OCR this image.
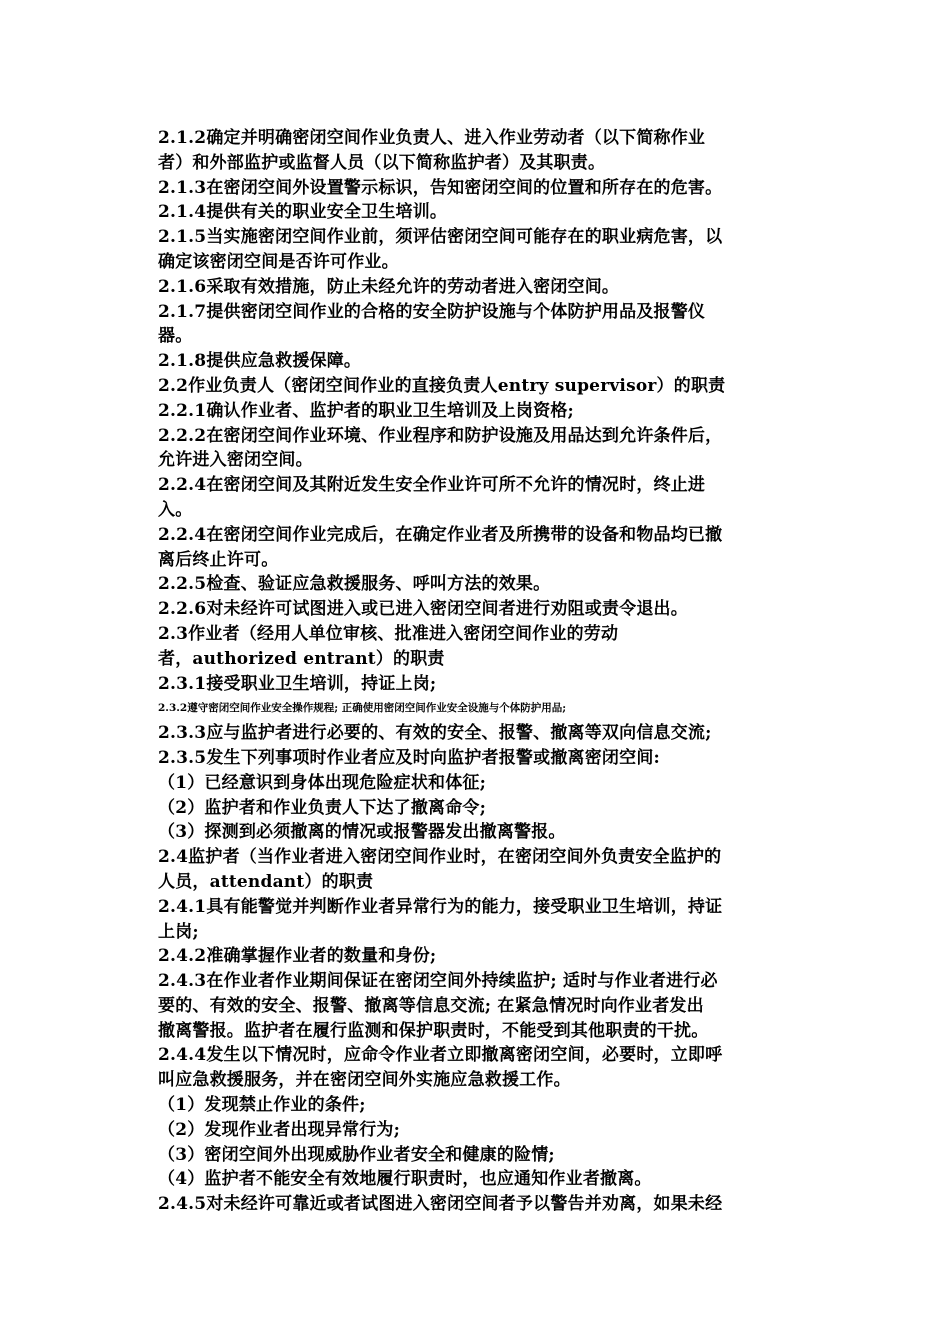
2.1.2确定并明确密闭空间作业负责人、进入作业劳动者（以下简称作业
者）和外部监护或监督人员（以下简称监护者）及其职责。
2.1.3在密闭空间外设置警示标识，告知密闭空间的位置和所存在的危害。
2.1.4提供有关的职业安全卫生培训。
2.1.5当实施密闭空间作业前，须评估密闭空间可能存在的职业病危害，以
确定该密闭空间是否许可作业。
2.1.6采取有效措施，防止未经允许的劳动者进入密闭空间。
2.1.7提供密闭空间作业的合格的安全防护设施与个体防护用品及报警仪
器。
2.1.8提供应急救援保障。
2.2作业负责人（密闭空间作业的直接负责人entry supervisor）的职责
2.2.1确认作业者、监护者的职业卫生培训及上岗资格;
2.2.2在密闭空间作业环境、作业程序和防护设施及用品达到允许条件后，
允许进入密闭空间。
2.2.4在密闭空间及其附近发生安全作业许可所不允许的情况时，终止进
入。
2.2.4在密闭空间作业完成后，在确定作业者及所携带的设备和物品均已撤
离后终止许可。
2.2.5检查、验证应急救援服务、呼叫方法的效果。
2.2.6对未经许可试图进入或已进入密闭空间者进行劝阻或责令退出。
2.3作业者（经用人单位审核、批准进入密闭空间作业的劳动
者，authorized entrant）的职责
2.3.1接受职业卫生培训，持证上岗;
2.3.2遵守密闭空间作业安全操作规程; 正确使用密闭空间作业安全设施与个体防护用品;
2.3.3应与监护者进行必要的、有效的安全、报警、撤离等双向信息交流;
2.3.5发生下列事项时作业者应及时向监护者报警或撤离密闭空间:
（1）已经意识到身体出现危险症状和体征;
（2）监护者和作业负责人下达了撤离命令;
（3）探测到必须撤离的情况或报警器发出撤离警报。
2.4监护者（当作业者进入密闭空间作业时，在密闭空间外负责安全监护的
人员，attendant）的职责
2.4.1具有能警觉并判断作业者异常行为的能力，接受职业卫生培训，持证
上岗;
2.4.2准确掌握作业者的数量和身份;
2.4.3在作业者作业期间保证在密闭空间外持续监护; 适时与作业者进行必
要的、有效的安全、报警、撤离等信息交流; 在紧急情况时向作业者发出
撤离警报。监护者在履行监测和保护职责时，不能受到其他职责的干扰。
2.4.4发生以下情况时，应命令作业者立即撤离密闭空间，必要时，立即呼
叫应急救援服务，并在密闭空间外实施应急救援工作。
（1）发现禁止作业的条件;
（2）发现作业者出现异常行为;
（3）密闭空间外出现威胁作业者安全和健康的险情;
（4）监护者不能安全有效地履行职责时，也应通知作业者撤离。
2.4.5对未经许可靠近或者试图进入密闭空间者予以警告并劝离，如果未经
